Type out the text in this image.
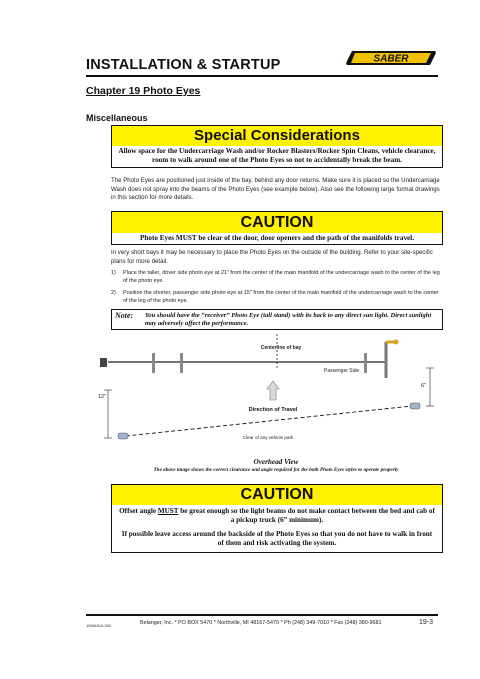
INSTALLATION & STARTUP	SABER
Chapter 19 Photo Eyes
Miscellaneous
Special Considerations
Allow space for the Undercarriage Wash and/or Rocker Blasters/Rocker Spin Cleans, vehicle clearance, room to walk around one of the Photo Eyes so not to accidentally break the beam.
The Photo Eyes are positioned just inside of the bay, behind any door returns. Make sure it is placed so the Undercarriage Wash does not spray into the beams of the Photo Eyes (see example below). Also see the following large format drawings in this section for more details.
CAUTION
Photo Eyes MUST be clear of the door, door openers and the path of the manifolds travel.
In very short bays it may be necessary to place the Photo Eyes on the outside of the building. Refer to your site-specific plans for more detail.
1) Place the taller, driver side photo eye at 21" from the center of the main manifold of the undercarriage wash to the center of the leg of the photo eye.
2) Position the shorter, passenger side photo eye at 15" from the center of the main manifold of the undercarriage wash to the center of the leg of the photo eye.
Note: You should have the “receiver” Photo Eye (tall stand) with its back to any direct sun light. Direct sunlight may adversely affect the performance.
Centerline of bay
Passenger Side
Direction of Travel
6"
12"
Clear of any vehicle path
Overhead View
The above image shows the correct clearance and angle required for the both Photo Eyes styles to operate properly
CAUTION
Offset angle MUST be great enough so the light beams do not make contact between the bed and cab of a pickup truck (6” minimum).
If possible leave access around the backside of the Photo Eyes so that you do not have to walk in front of them and risk activating the system.
15MANUL260	Belanger, Inc. * PO BOX 5470 * Northville, MI 48167-5470 * Ph (248) 349-7010 * Fax (248) 380-9681	19-3
